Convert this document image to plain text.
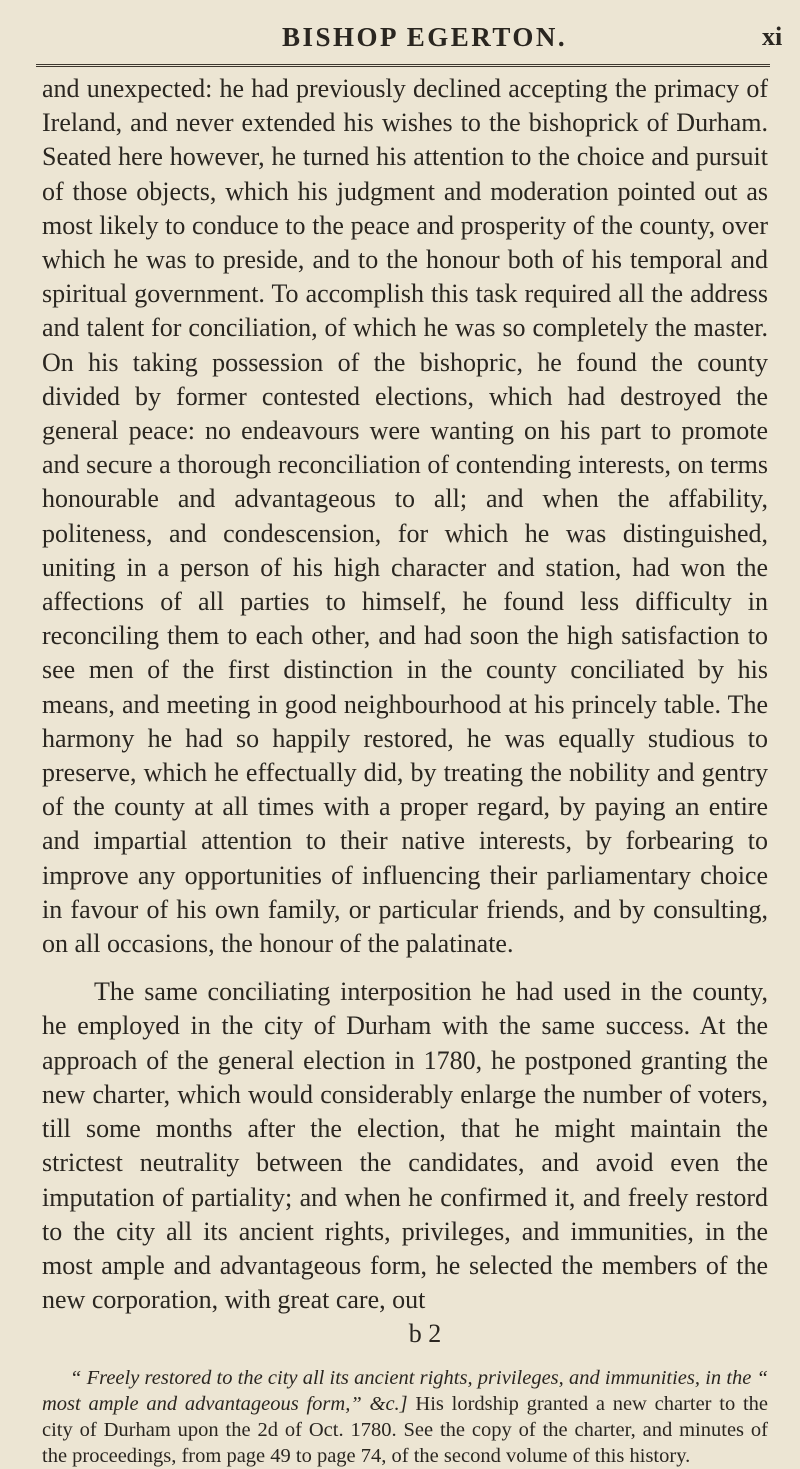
BISHOP EGERTON.	xi

and unexpected: he had previously declined accepting the primacy of Ireland, and never extended his wishes to the bishoprick of Durham. Seated here however, he turned his attention to the choice and pursuit of those objects, which his judgment and moderation pointed out as most likely to conduce to the peace and prosperity of the county, over which he was to preside, and to the honour both of his temporal and spiritual government. To accomplish this task required all the address and talent for conciliation, of which he was so completely the master. On his taking possession of the bishopric, he found the county divided by former contested elections, which had destroyed the general peace: no endeavours were wanting on his part to promote and secure a thorough reconciliation of contending interests, on terms honourable and advantageous to all; and when the affability, politeness, and condescension, for which he was distinguished, uniting in a person of his high character and station, had won the affections of all parties to himself, he found less difficulty in reconciling them to each other, and had soon the high satisfaction to see men of the first distinction in the county conciliated by his means, and meeting in good neighbourhood at his princely table. The harmony he had so happily restored, he was equally studious to preserve, which he effectually did, by treating the nobility and gentry of the county at all times with a proper regard, by paying an entire and impartial attention to their native interests, by forbearing to improve any opportunities of influencing their parliamentary choice in favour of his own family, or particular friends, and by consulting, on all occasions, the honour of the palatinate.

The same conciliating interposition he had used in the county, he employed in the city of Durham with the same success. At the approach of the general election in 1780, he postponed granting the new charter, which would considerably enlarge the number of voters, till some months after the election, that he might maintain the strictest neutrality between the candidates, and avoid even the imputation of partiality; and when he confirmed it, and freely restord to the city all its ancient rights, privileges, and immunities, in the most ample and advantageous form, he selected the members of the new corporation, with great care, out

b 2

“ Freely restored to the city all its ancient rights, privileges, and immunities, in the “ most ample and advantageous form,” &c.] His lordship granted a new charter to the city of Durham upon the 2d of Oct. 1780. See the copy of the charter, and minutes of the proceedings, from page 49 to page 74, of the second volume of this history.
